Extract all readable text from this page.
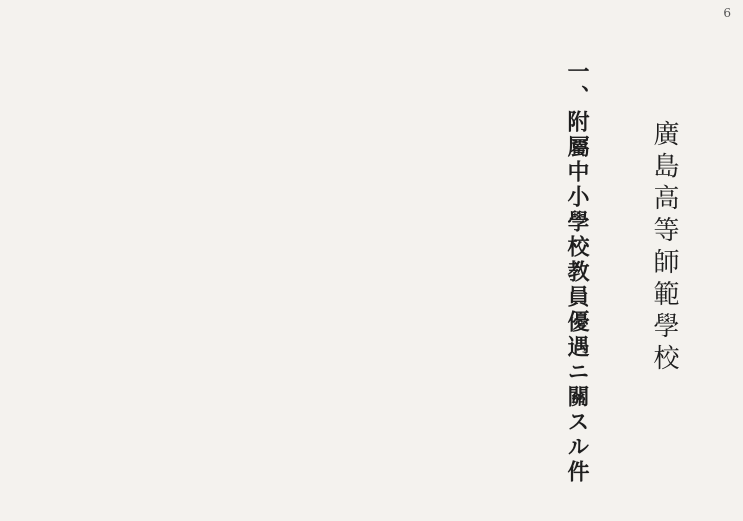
6
廣島高等師範學校
一、附屬中小學校教員優遇ニ關スル件
